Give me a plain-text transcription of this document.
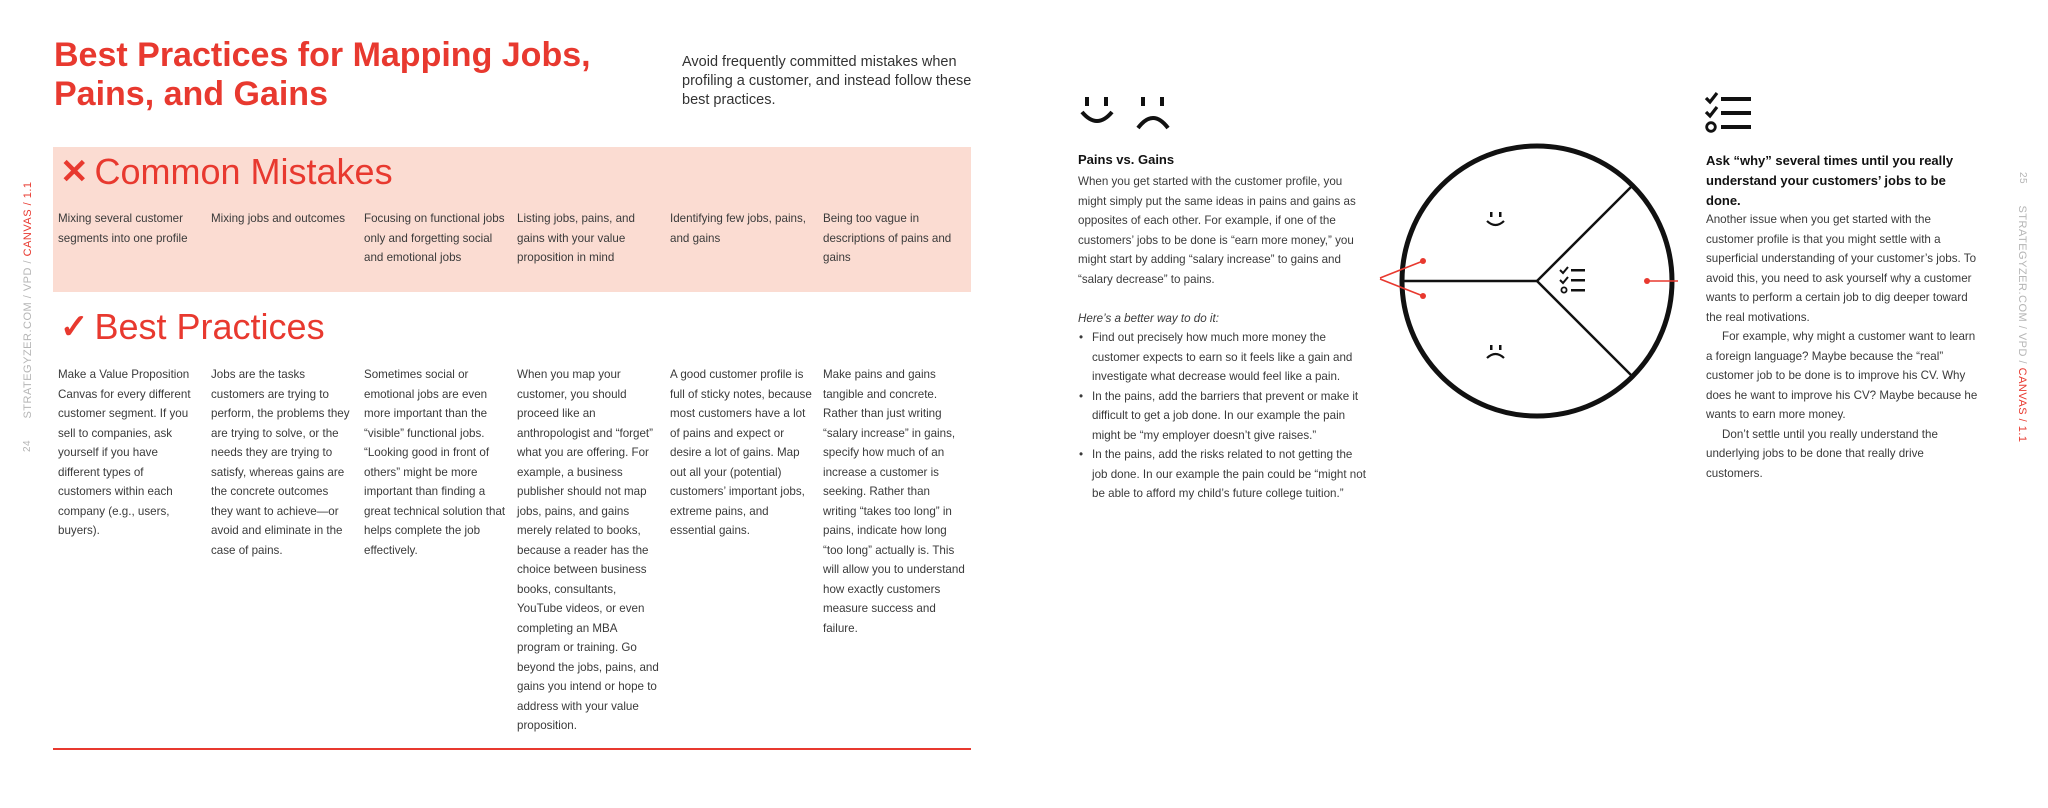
24      STRATEGYZER.COM / VPD / CANVAS / 1.1
Best Practices for Mapping Jobs, Pains, and Gains
Avoid frequently committed mistakes when profiling a customer, and instead follow these best practices.
✕ Common Mistakes
Mixing several customer segments into one profile
Mixing jobs and outcomes	Focusing on functional jobs only and forgetting social and emotional jobs
Listing jobs, pains, and gains with your value proposition in mind
Identifying few jobs, pains, and gains
Being too vague in descriptions of pains and gains
✓ Best Practices
Make a Value Proposition Canvas for every different customer segment. If you sell to companies, ask yourself if you have different types of customers within each company (e.g., users, buyers).
Jobs are the tasks customers are trying to perform, the problems they are trying to solve, or the needs they are trying to satisfy, whereas gains are the concrete outcomes they want to achieve—or avoid and eliminate in the case of pains.
Sometimes social or emotional jobs are even more important than the “visible” functional jobs. “Looking good in front of others” might be more important than finding a great technical solution that helps complete the job effectively.
When you map your customer, you should proceed like an anthropologist and “forget” what you are offering. For example, a business publisher should not map jobs, pains, and gains merely related to books, because a reader has the choice between business books, consultants, YouTube videos, or even completing an MBA program or training. Go beyond the jobs, pains, and gains you intend or hope to address with your value proposition.
A good customer profile is full of sticky notes, because most customers have a lot of pains and expect or desire a lot of gains. Map out all your (potential) customers’ important jobs, extreme pains, and essential gains.
Make pains and gains tangible and concrete. Rather than just writing “salary increase” in gains, specify how much of an increase a customer is seeking. Rather than writing “takes too long” in pains, indicate how long “too long” actually is. This will allow you to understand how exactly customers measure success and failure.
Pains vs. Gains
When you get started with the customer profile, you might simply put the same ideas in pains and gains as opposites of each other. For example, if one of the customers’ jobs to be done is “earn more money,” you might start by adding “salary increase” to gains and “salary decrease” to pains.
Here’s a better way to do it:
• Find out precisely how much more money the customer expects to earn so it feels like a gain and investigate what decrease would feel like a pain.
• In the pains, add the barriers that prevent or make it difficult to get a job done. In our example the pain might be “my employer doesn’t give raises.”
• In the pains, add the risks related to not getting the job done. In our example the pain could be “might not be able to afford my child’s future college tuition.”
Ask “why” several times until you really understand your customers’ jobs to be done.

Another issue when you get started with the customer profile is that you might settle with a superficial understanding of your customer’s jobs. To avoid this, you need to ask yourself why a customer wants to perform a certain job to dig deeper toward the real motivations.

For example, why might a customer want to learn a foreign language? Maybe because the “real” customer job to be done is to improve his CV. Why does he want to improve his CV? Maybe because he wants to earn more money.

Don’t settle until you really understand the underlying jobs to be done that really drive customers.

25      STRATEGYZER.COM / VPD / CANVAS / 1.1
